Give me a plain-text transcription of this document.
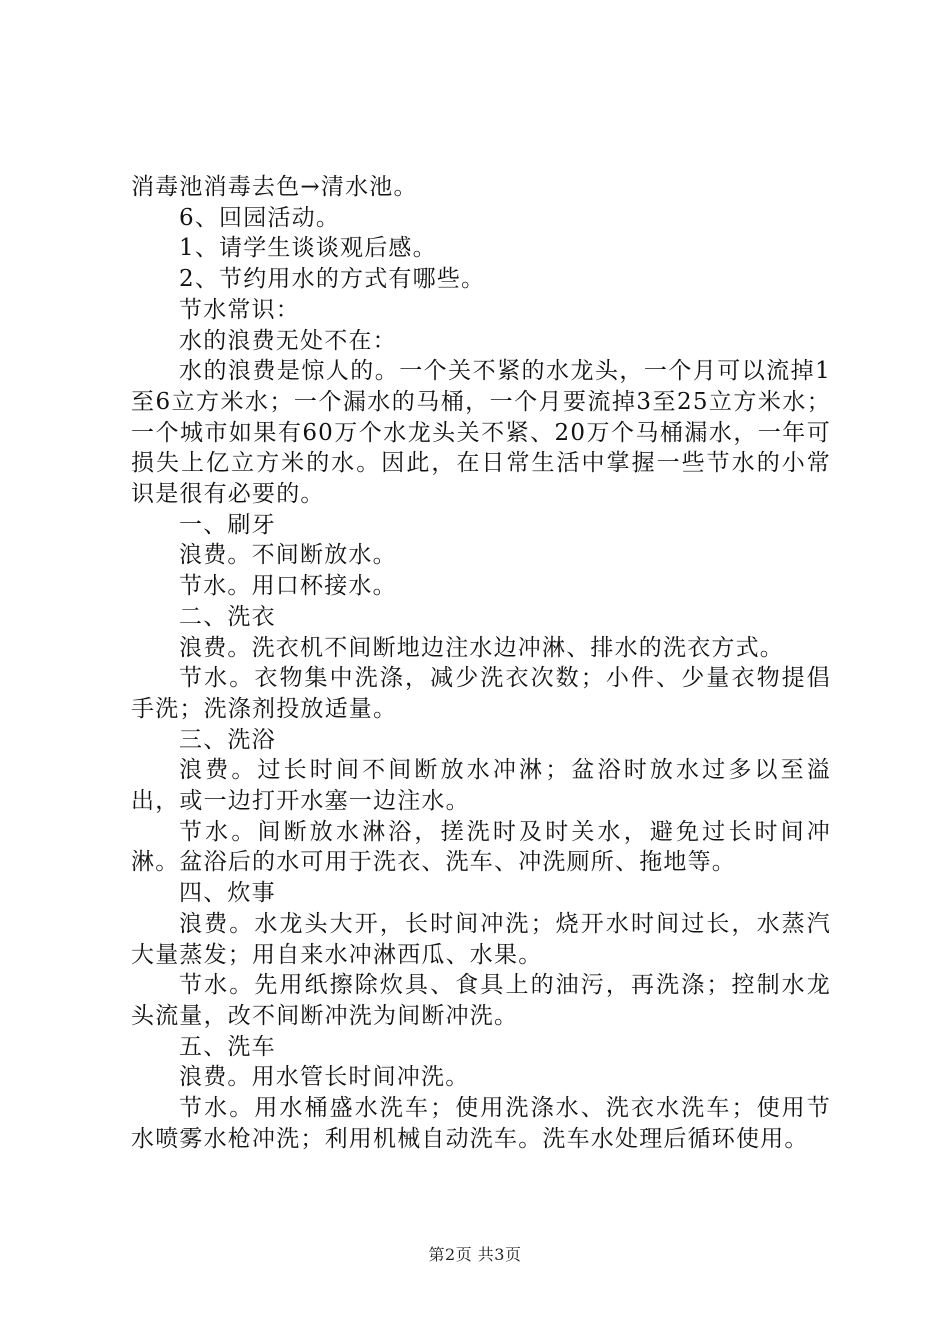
消毒池消毒去色→清水池。

6、回园活动。

1、请学生谈谈观后感。

2、节约用水的方式有哪些。

节水常识：

水的浪费无处不在：

水的浪费是惊人的。一个关不紧的水龙头，一个月可以流掉1至6立方米水；一个漏水的马桶，一个月要流掉3至25立方米水；一个城市如果有60万个水龙头关不紧、20万个马桶漏水，一年可损失上亿立方米的水。因此，在日常生活中掌握一些节水的小常识是很有必要的。

一、刷牙

浪费。不间断放水。

节水。用口杯接水。

二、洗衣

浪费。洗衣机不间断地边注水边冲淋、排水的洗衣方式。

节水。衣物集中洗涤，减少洗衣次数；小件、少量衣物提倡手洗；洗涤剂投放适量。

三、洗浴

浪费。过长时间不间断放水冲淋；盆浴时放水过多以至溢出，或一边打开水塞一边注水。

节水。间断放水淋浴，搓洗时及时关水，避免过长时间冲淋。盆浴后的水可用于洗衣、洗车、冲洗厕所、拖地等。

四、炊事

浪费。水龙头大开，长时间冲洗；烧开水时间过长，水蒸汽大量蒸发；用自来水冲淋西瓜、水果。

节水。先用纸擦除炊具、食具上的油污，再洗涤；控制水龙头流量，改不间断冲洗为间断冲洗。

五、洗车

浪费。用水管长时间冲洗。

节水。用水桶盛水洗车；使用洗涤水、洗衣水洗车；使用节水喷雾水枪冲洗；利用机械自动洗车。洗车水处理后循环使用。

第2页 共3页
